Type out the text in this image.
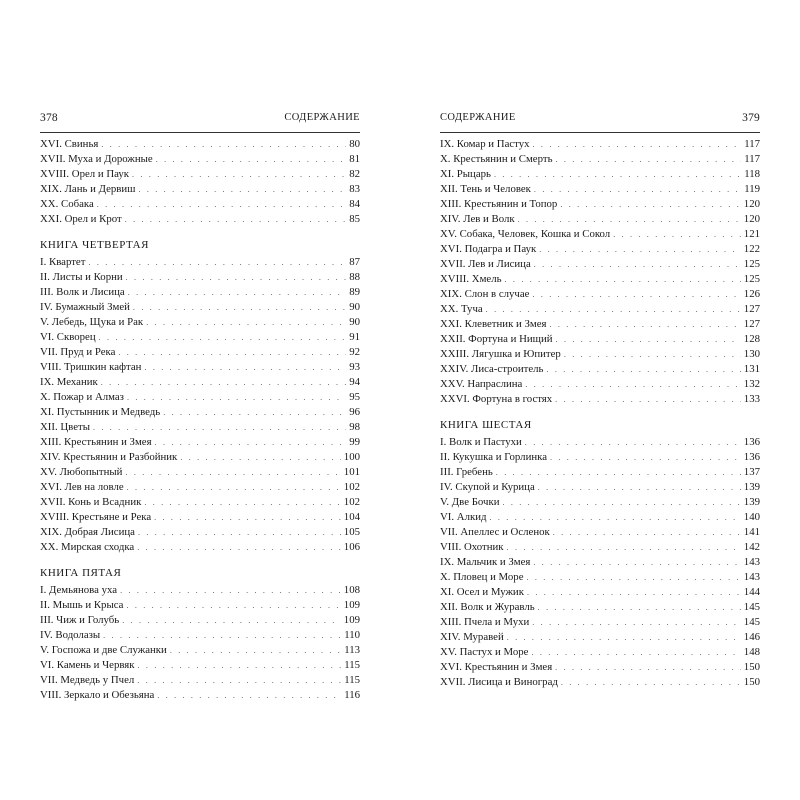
378	СОДЕРЖАНИЕ
XVI. Свинья . . .	80
XVII. Муха и Дорожные . . .	81
XVIII. Орел и Паук . . .	82
XIX. Лань и Дервиш . . .	83
XX. Собака . . .	84
XXI. Орел и Крот . . .	85
КНИГА ЧЕТВЕРТАЯ
I. Квартет . . .	87
II. Листы и Корни . . .	88
III. Волк и Лисица . . .	89
IV. Бумажный Змей . . .	90
V. Лебедь, Щука и Рак . . .	90
VI. Скворец . . .	91
VII. Пруд и Река . . .	92
VIII. Тришкин кафтан . . .	93
IX. Механик . . .	94
X. Пожар и Алмаз . . .	95
XI. Пустынник и Медведь . . .	96
XII. Цветы . . .	98
XIII. Крестьянин и Змея . . .	99
XIV. Крестьянин и Разбойник . . .	100
XV. Любопытный . . .	101
XVI. Лев на ловле . . .	102
XVII. Конь и Всадник . . .	102
XVIII. Крестьяне и Река . . .	104
XIX. Добрая Лисица . . .	105
XX. Мирская сходка . . .	106
КНИГА ПЯТАЯ
I. Демьянова уха . . .	108
II. Мышь и Крыса . . .	109
III. Чиж и Голубь . . .	109
IV. Водолазы . . .	110
V. Госпожа и две Служанки . . .	113
VI. Камень и Червяк . . .	115
VII. Медведь у Пчел . . .	115
VIII. Зеркало и Обезьяна . . .	116
СОДЕРЖАНИЕ	379
IX. Комар и Пастух . . .	117
X. Крестьянин и Смерть . . .	117
XI. Рыцарь . . .	118
XII. Тень и Человек . . .	119
XIII. Крестьянин и Топор . . .	120
XIV. Лев и Волк . . .	120
XV. Собака, Человек, Кошка и Сокол . . .	121
XVI. Подагра и Паук . . .	122
XVII. Лев и Лисица . . .	125
XVIII. Хмель . . .	125
XIX. Слон в случае . . .	126
XX. Туча . . .	127
XXI. Клеветник и Змея . . .	127
XXII. Фортуна и Нищий . . .	128
XXIII. Лягушка и Юпитер . . .	130
XXIV. Лиса-строитель . . .	131
XXV. Напраслина . . .	132
XXVI. Фортуна в гостях . . .	133
КНИГА ШЕСТАЯ
I. Волк и Пастухи . . .	136
II. Кукушка и Горлинка . . .	136
III. Гребень . . .	137
IV. Скупой и Курица . . .	139
V. Две Бочки . . .	139
VI. Алкид . . .	140
VII. Апеллес и Осленок . . .	141
VIII. Охотник . . .	142
IX. Мальчик и Змея . . .	143
X. Пловец и Море . . .	143
XI. Осел и Мужик . . .	144
XII. Волк и Журавль . . .	145
XIII. Пчела и Мухи . . .	145
XIV. Муравей . . .	146
XV. Пастух и Море . . .	148
XVI. Крестьянин и Змея . . .	150
XVII. Лисица и Виноград . . .	150
